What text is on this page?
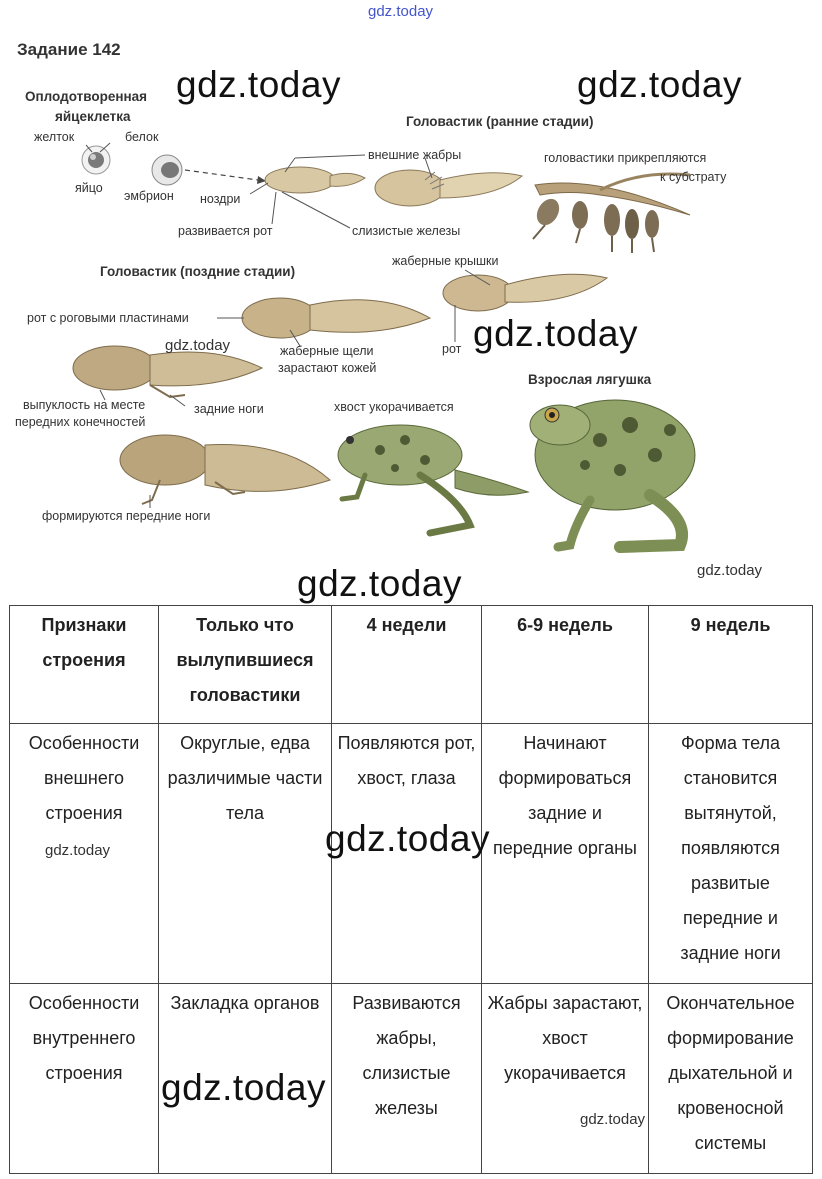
gdz.today
Задание 142
Оплодотворенная
яйцеклетка
желток	белок
яйцо
эмбрион ноздри
развивается рот
внешние жабры
слизистые железы
Головастик (ранние стадии)
головастики прикрепляются
к субстрату
Головастик (поздние стадии)
жаберные крышки
рот с роговыми пластинами
рот
жаберные щели
зарастают кожей
Взрослая лягушка
выпуклость на месте
передних конечностей
задние ноги	хвост укорачивается
формируются передние ноги
Признаки строения	Только что вылупившиеся головастики	4 недели	6-9 недель	9 недель
Особенности внешнего строения	Округлые, едва различимые части тела	Появляются рот, хвост, глаза	Начинают формироваться задние и передние органы	Форма тела становится вытянутой, появляются развитые передние и задние ноги
Особенности внутреннего строения	Закладка органов	Развиваются жабры, слизистые железы	Жабры зарастают, хвост укорачивается	Окончательное формирование дыхательной и кровеносной системы
gdz.today	gdz.today
gdz.today
gdz.today
gdz.today	gdz.today
gdz.today
gdz.today
gdz.today
gdz.today
